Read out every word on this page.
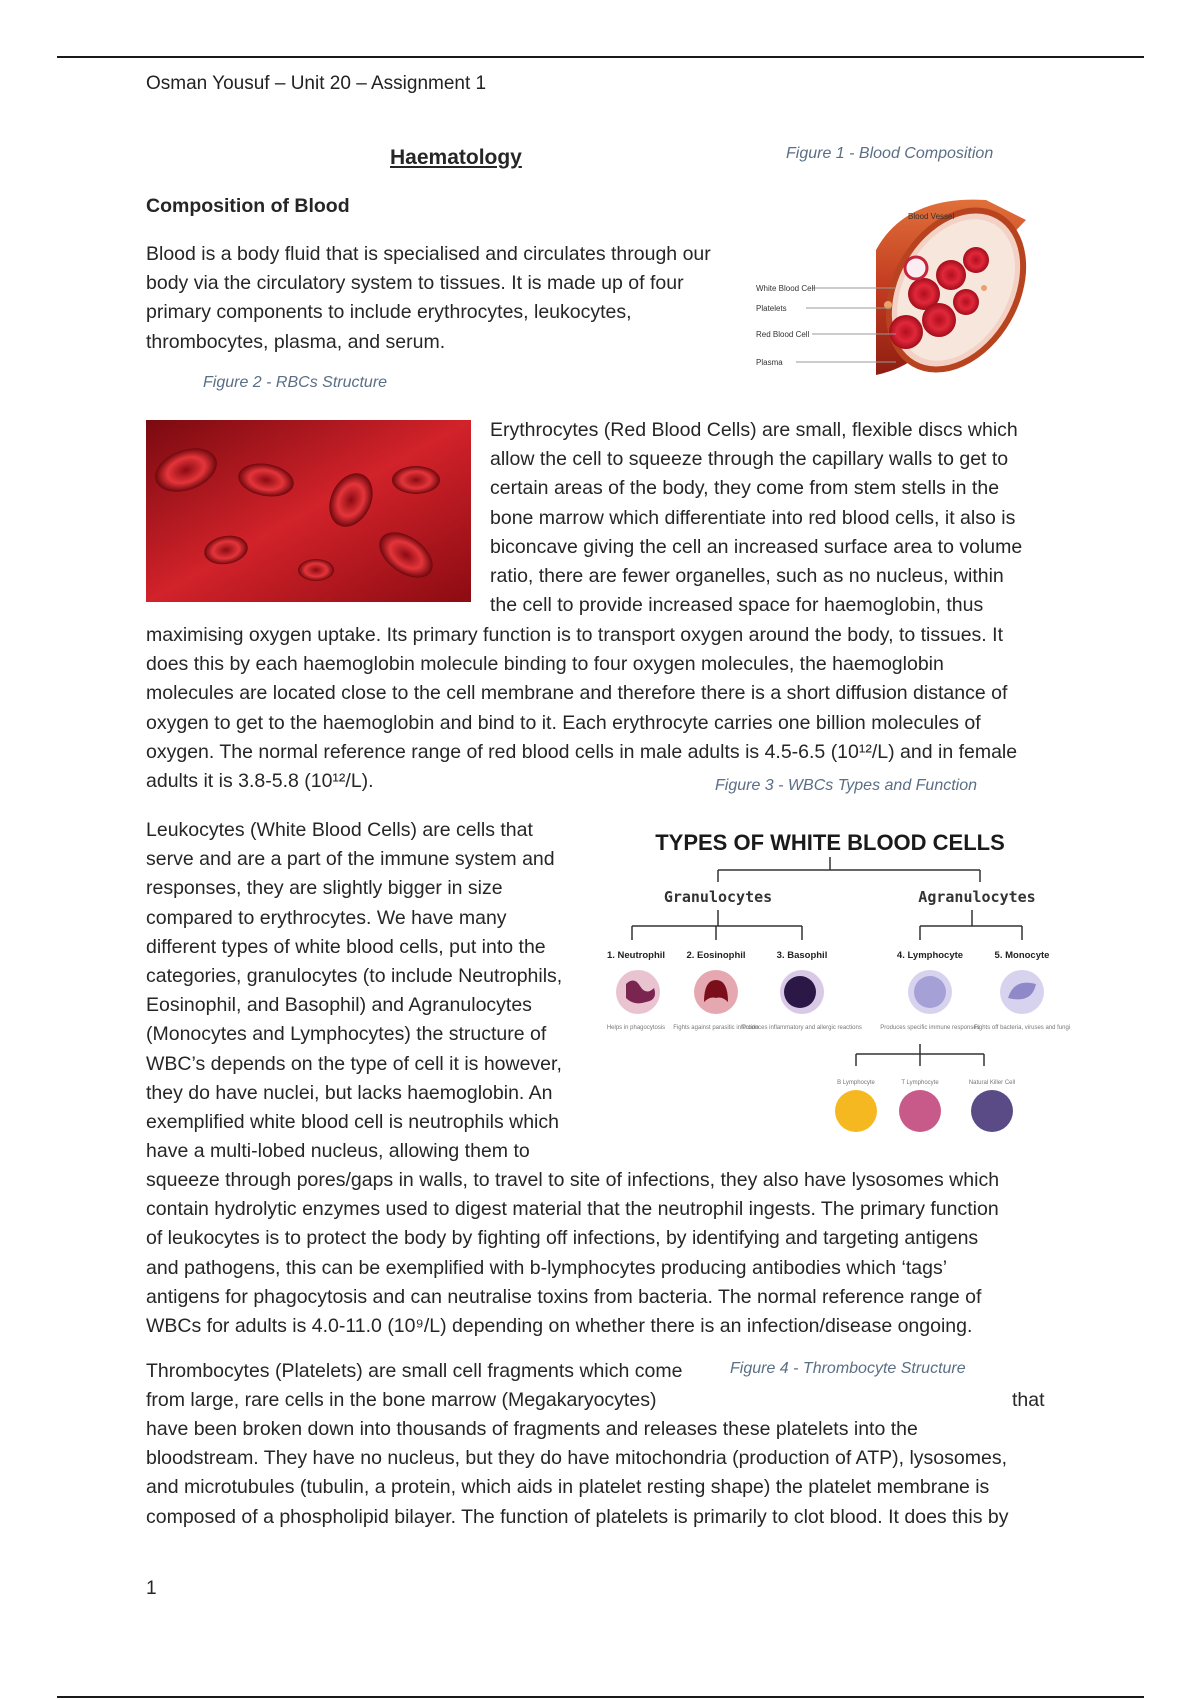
Osman Yousuf – Unit 20 – Assignment 1
Haematology	Figure 1 - Blood Composition
Composition of Blood

Blood is a body fluid that is specialised and circulates through our body via the circulatory system to tissues. It is made up of four primary components to include erythrocytes, leukocytes, thrombocytes, plasma, and serum.

Blood Vessel
White Blood Cell
Platelets
Red Blood Cell
Plasma
Figure 2 - RBCs Structure

Erythrocytes (Red Blood Cells) are small, flexible discs which

allow the cell to squeeze through the capillary walls to get to

certain areas of the body, they come from stem stells in the

bone marrow which differentiate into red blood cells, it also is

biconcave giving the cell an increased surface area to volume

ratio, there are fewer organelles, such as no nucleus, within

the cell to provide increased space for haemoglobin, thus

maximising oxygen uptake. Its primary function is to transport oxygen around the body, to tissues. It

does this by each haemoglobin molecule binding to four oxygen molecules, the haemoglobin

molecules are located close to the cell membrane and therefore there is a short diffusion distance of

oxygen to get to the haemoglobin and bind to it. Each erythrocyte carries one billion molecules of

oxygen. The normal reference range of red blood cells in male adults is 4.5-6.5 (10¹²/L) and in female

adults it is 3.8-5.8 (10¹²/L).	Figure 3 - WBCs Types and Function

Leukocytes (White Blood Cells) are cells that

serve and are a part of the immune system and

responses, they are slightly bigger in size

compared to erythrocytes. We have many

different types of white blood cells, put into the

categories, granulocytes (to include Neutrophils,

Eosinophil, and Basophil) and Agranulocytes

(Monocytes and Lymphocytes) the structure of

WBC’s depends on the type of cell it is however,

they do have nuclei, but lacks haemoglobin. An

exemplified white blood cell is neutrophils which

have a multi-lobed nucleus, allowing them to

TYPES OF WHITE BLOOD CELLS
Granulocytes	Agranulocytes
1. Neutrophil 2. Eosinophil	3. Basophil	4. Lymphocyte	5. Monocyte
Helps in phagocytosis Fights against parasitic infection
Produces inflammatory and allergic reactions	Produces specific immune responses
Fights off bacteria, viruses and fungi
B Lymphocyte	T Lymphocyte	Natural Killer Cell

squeeze through pores/gaps in walls, to travel to site of infections, they also have lysosomes which

contain hydrolytic enzymes used to digest material that the neutrophil ingests. The primary function

of leukocytes is to protect the body by fighting off infections, by identifying and targeting antigens

and pathogens, this can be exemplified with b-lymphocytes producing antibodies which ‘tags’

antigens for phagocytosis and can neutralise toxins from bacteria. The normal reference range of

WBCs for adults is 4.0-11.0 (10⁹/L) depending on whether there is an infection/disease ongoing.

Thrombocytes (Platelets) are small cell fragments which come	Figure 4 - Thrombocyte Structure

from large, rare cells in the bone marrow (Megakaryocytes)	that

have been broken down into thousands of fragments and releases these platelets into the

bloodstream. They have no nucleus, but they do have mitochondria (production of ATP), lysosomes,

and microtubules (tubulin, a protein, which aids in platelet resting shape) the platelet membrane is

composed of a phospholipid bilayer. The function of platelets is primarily to clot blood. It does this by

1
